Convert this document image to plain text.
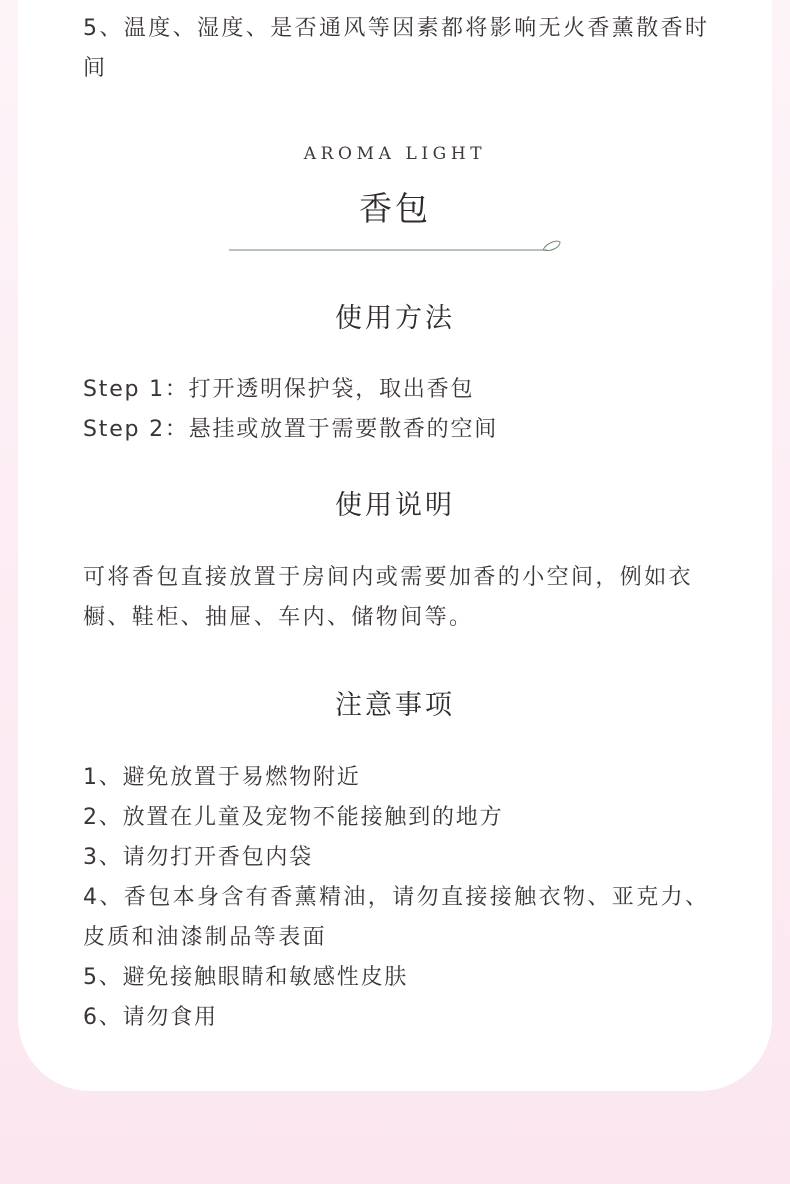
5、温度、湿度、是否通风等因素都将影响无火香薰散香时间

AROMA LIGHT
香包
使用方法
Step 1：打开透明保护袋，取出香包
Step 2：悬挂或放置于需要散香的空间
使用说明

可将香包直接放置于房间内或需要加香的小空间，例如衣橱、鞋柜、抽屉、车内、储物间等。

注意事项
1、避免放置于易燃物附近
2、放置在儿童及宠物不能接触到的地方
3、请勿打开香包内袋

4、香包本身含有香薰精油，请勿直接接触衣物、亚克力、皮质和油漆制品等表面

5、避免接触眼睛和敏感性皮肤
6、请勿食用
